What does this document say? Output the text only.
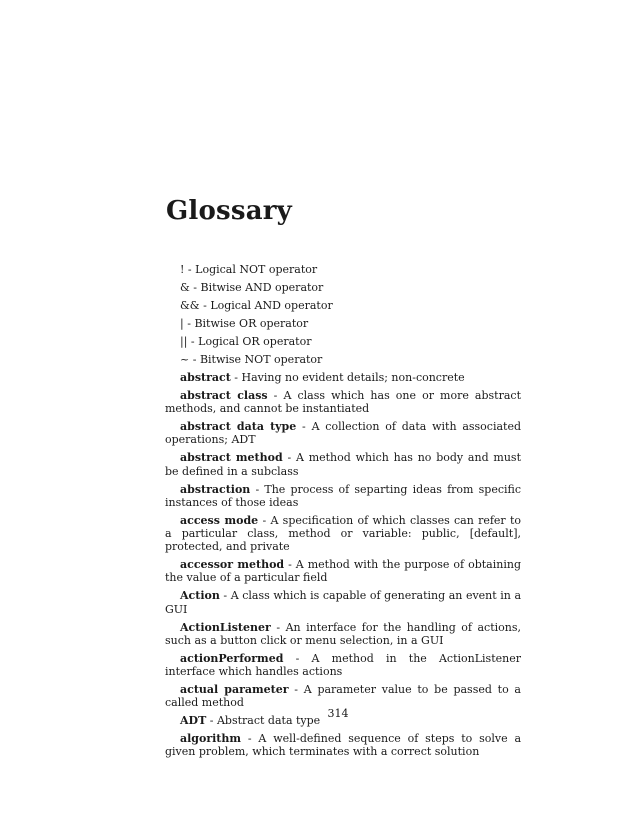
Glossary

! - Logical NOT operator

& - Bitwise AND operator

&& - Logical AND operator

| - Bitwise OR operator

|| - Logical OR operator

~ - Bitwise NOT operator

abstract - Having no evident details; non-concrete

abstract class - A class which has one or more abstract methods, and cannot be instantiated

abstract data type - A collection of data with associated operations; ADT

abstract method - A method which has no body and must be defined in a subclass

abstraction - The process of separting ideas from specific instances of those ideas

access mode - A specification of which classes can refer to a particular class, method or variable: public, [default], protected, and private

accessor method - A method with the purpose of obtaining the value of a particular field

Action - A class which is capable of generating an event in a GUI

ActionListener - An interface for the handling of actions, such as a button click or menu selection, in a GUI

actionPerformed - A method in the ActionListener interface which handles actions

actual parameter - A parameter value to be passed to a called method

ADT - Abstract data type

algorithm - A well-defined sequence of steps to solve a given problem, which terminates with a correct solution

314
